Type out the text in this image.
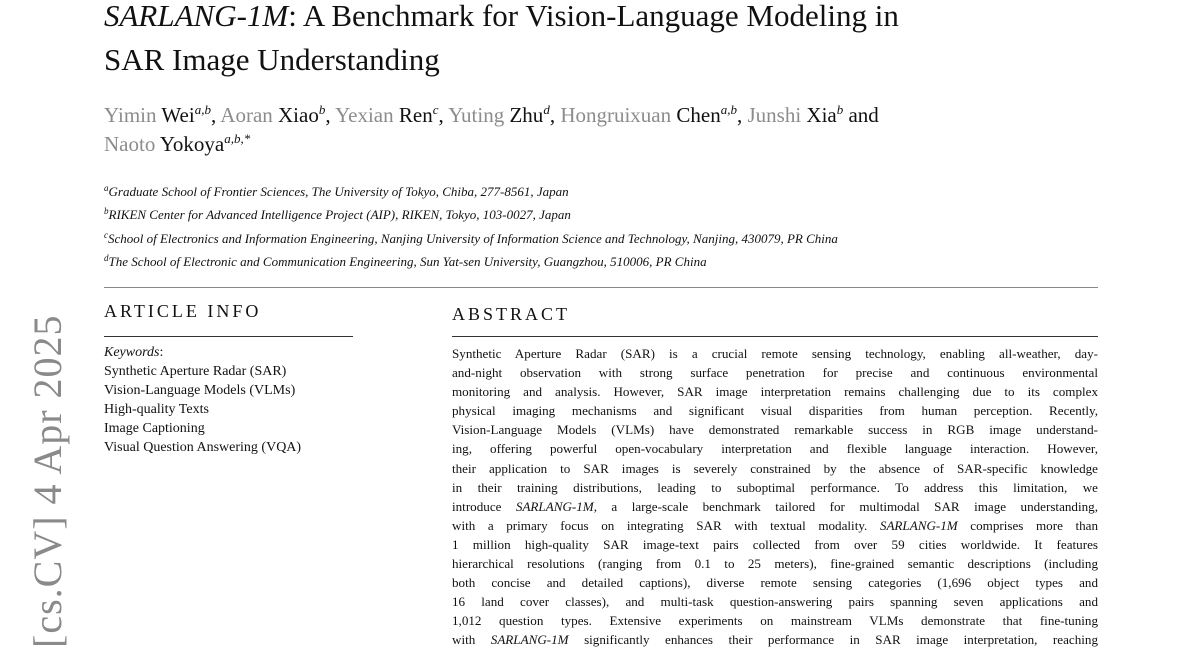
SARLANG-1M: A Benchmark for Vision-Language Modeling in
SAR Image Understanding
Yimin Wei$^{a,b}$, Aoran Xiao$^b$, Yexian Ren$^c$, Yuting Zhu$^d$, Hongruixuan Chen$^{a,b}$, Junshi Xia$^b$ and
Naoto Yokoya$^{a,b,*}$
$^a$Graduate School of Frontier Sciences, The University of Tokyo, Chiba, 277-8561, Japan
$^b$RIKEN Center for Advanced Intelligence Project (AIP), RIKEN, Tokyo, 103-0027, Japan
$^c$School of Electronics and Information Engineering, Nanjing University of Information Science and Technology, Nanjing, 430079, PR China
$^d$The School of Electronic and Communication Engineering, Sun Yat-sen University, Guangzhou, 510006, PR China
ARTICLE INFO	ABSTRACT
Keywords:
Synthetic Aperture Radar (SAR)
Vision-Language Models (VLMs)
High-quality Texts
Image Captioning
Visual Question Answering (VQA)
Synthetic Aperture Radar (SAR) is a crucial remote sensing technology, enabling all-weather, day-
and-night observation with strong surface penetration for precise and continuous environmental
monitoring and analysis. However, SAR image interpretation remains challenging due to its complex
physical imaging mechanisms and significant visual disparities from human perception. Recently,
Vision-Language Models (VLMs) have demonstrated remarkable success in RGB image understand-
ing, offering powerful open-vocabulary interpretation and flexible language interaction. However,
their application to SAR images is severely constrained by the absence of SAR-specific knowledge
in their training distributions, leading to suboptimal performance. To address this limitation, we
introduce SARLANG-1M, a large-scale benchmark tailored for multimodal SAR image understanding,
with a primary focus on integrating SAR with textual modality. SARLANG-1M comprises more than
1 million high-quality SAR image-text pairs collected from over 59 cities worldwide. It features
hierarchical resolutions (ranging from 0.1 to 25 meters), fine-grained semantic descriptions (including
both concise and detailed captions), diverse remote sensing categories (1,696 object types and
16 land cover classes), and multi-task question-answering pairs spanning seven applications and
1,012 question types. Extensive experiments on mainstream VLMs demonstrate that fine-tuning
with SARLANG-1M significantly enhances their performance in SAR image interpretation, reaching
[cs.CV] 4 Apr 2025
